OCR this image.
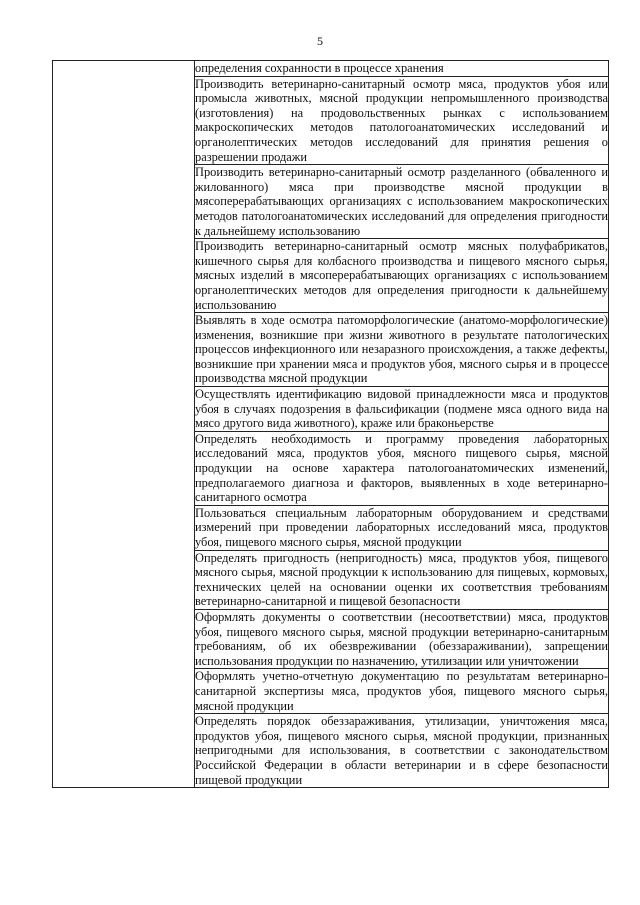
5

определения сохранности в процессе хранения

Производить ветеринарно-санитарный осмотр мяса, продуктов убоя или промысла животных, мясной продукции непромышленного производства (изготовления) на продовольственных рынках с использованием макроскопических методов патологоанатомических исследований и органолептических методов исследований для принятия решения о разрешении продажи

Производить ветеринарно-санитарный осмотр разделанного (обваленного и жилованного) мяса при производстве мясной продукции в мясоперерабатывающих организациях с использованием макроскопических методов патологоанатомических исследований для определения пригодности к дальнейшему использованию

Производить ветеринарно-санитарный осмотр мясных полуфабрикатов, кишечного сырья для колбасного производства и пищевого мясного сырья, мясных изделий в мясоперерабатывающих организациях с использованием органолептических методов для определения пригодности к дальнейшему использованию

Выявлять в ходе осмотра патоморфологические (анатомо-морфологические) изменения, возникшие при жизни животного в результате патологических процессов инфекционного или незаразного происхождения, а также дефекты, возникшие при хранении мяса и продуктов убоя, мясного сырья и в процессе производства мясной продукции

Осуществлять идентификацию видовой принадлежности мяса и продуктов убоя в случаях подозрения в фальсификации (подмене мяса одного вида на мясо другого вида животного), краже или браконьерстве

Определять необходимость и программу проведения лабораторных исследований мяса, продуктов убоя, мясного пищевого сырья, мясной продукции на основе характера патологоанатомических изменений, предполагаемого диагноза и факторов, выявленных в ходе ветеринарно-санитарного осмотра

Пользоваться специальным лабораторным оборудованием и средствами измерений при проведении лабораторных исследований мяса, продуктов убоя, пищевого мясного сырья, мясной продукции

Определять пригодность (непригодность) мяса, продуктов убоя, пищевого мясного сырья, мясной продукции к использованию для пищевых, кормовых, технических целей на основании оценки их соответствия требованиям ветеринарно-санитарной и пищевой безопасности

Оформлять документы о соответствии (несоответствии) мяса, продуктов убоя, пищевого мясного сырья, мясной продукции ветеринарно-санитарным требованиям, об их обезвреживании (обеззараживании), запрещении использования продукции по назначению, утилизации или уничтожении

Оформлять учетно-отчетную документацию по результатам ветеринарно-санитарной экспертизы мяса, продуктов убоя, пищевого мясного сырья, мясной продукции

Определять порядок обеззараживания, утилизации, уничтожения мяса, продуктов убоя, пищевого мясного сырья, мясной продукции, признанных непригодными для использования, в соответствии с законодательством Российской Федерации в области ветеринарии и в сфере безопасности пищевой продукции
